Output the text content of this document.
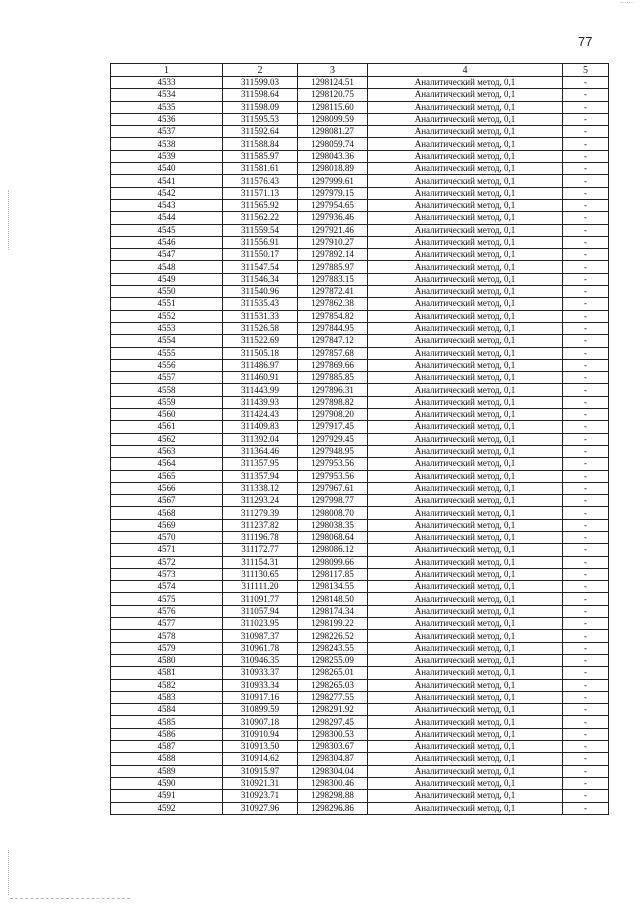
77
1	2	3	4	5
4533	311599.03	1298124.51	Аналитический метод, 0,1	-
4534	311598.64	1298120.75	Аналитический метод, 0,1	-
4535	311598.09	1298115.60	Аналитический метод, 0,1	-
4536	311595.53	1298099.59	Аналитический метод, 0,1	-
4537	311592.64	1298081.27	Аналитический метод, 0,1	-
4538	311588.84	1298059.74	Аналитический метод, 0,1	-
4539	311585.97	1298043.36	Аналитический метод, 0,1	-
4540	311581.61	1298018.89	Аналитический метод, 0,1	-
4541	311576.43	1297999.61	Аналитический метод, 0,1	-
4542	311571.13	1297979.15	Аналитический метод, 0,1	-
4543	311565.92	1297954.65	Аналитический метод, 0,1	-
4544	311562.22	1297936.46	Аналитический метод, 0,1	-
4545	311559.54	1297921.46	Аналитический метод, 0,1	-
4546	311556.91	1297910.27	Аналитический метод, 0,1	-
4547	311550.17	1297892.14	Аналитический метод, 0,1	-
4548	311547.54	1297885.97	Аналитический метод, 0,1	-
4549	311546.34	1297883.15	Аналитический метод, 0,1	-
4550	311540.96	1297872.41	Аналитический метод, 0,1	-
4551	311535.43	1297862.38	Аналитический метод, 0,1	-
4552	311531.33	1297854.82	Аналитический метод, 0,1	-
4553	311526.58	1297844.95	Аналитический метод, 0,1	-
4554	311522.69	1297847.12	Аналитический метод, 0,1	-
4555	311505.18	1297857.68	Аналитический метод, 0,1	-
4556	311486.97	1297869.66	Аналитический метод, 0,1	-
4557	311460.91	1297885.85	Аналитический метод, 0,1	-
4558	311443.99	1297896.31	Аналитический метод, 0,1	-
4559	311439.93	1297898.82	Аналитический метод, 0,1	-
4560	311424.43	1297908.20	Аналитический метод, 0,1	-
4561	311409.83	1297917.45	Аналитический метод, 0,1	-
4562	311392.04	1297929.45	Аналитический метод, 0,1	-
4563	311364.46	1297948.95	Аналитический метод, 0,1	-
4564	311357.95	1297953.56	Аналитический метод, 0,1	-
4565	311357.94	1297953.56	Аналитический метод, 0,1	-
4566	311338.12	1297967.61	Аналитический метод, 0,1	-
4567	311293.24	1297998.77	Аналитический метод, 0,1	-
4568	311279.39	1298008.70	Аналитический метод, 0,1	-
4569	311237.82	1298038.35	Аналитический метод, 0,1	-
4570	311196.78	1298068.64	Аналитический метод, 0,1	-
4571	311172.77	1298086.12	Аналитический метод, 0,1	-
4572	311154.31	1298099.66	Аналитический метод, 0,1	-
4573	311130.65	1298117.85	Аналитический метод, 0,1	-
4574	311111.20	1298134.55	Аналитический метод, 0,1	-
4575	311091.77	1298148.50	Аналитический метод, 0,1	-
4576	311057.94	1298174.34	Аналитический метод, 0,1	-
4577	311023.95	1298199.22	Аналитический метод, 0,1	-
4578	310987.37	1298226.52	Аналитический метод, 0,1	-
4579	310961.78	1298243.55	Аналитический метод, 0,1	-
4580	310946.35	1298255.09	Аналитический метод, 0,1	-
4581	310933.37	1298265.01	Аналитический метод, 0,1	-
4582	310933.34	1298265.03	Аналитический метод, 0,1	-
4583	310917.16	1298277.55	Аналитический метод, 0,1	-
4584	310899.59	1298291.92	Аналитический метод, 0,1	-
4585	310907.18	1298297.45	Аналитический метод, 0,1	-
4586	310910.94	1298300.53	Аналитический метод, 0,1	-
4587	310913.50	1298303.67	Аналитический метод, 0,1	-
4588	310914.62	1298304.87	Аналитический метод, 0,1	-
4589	310915.97	1298304.04	Аналитический метод, 0,1	-
4590	310921.31	1298300.46	Аналитический метод, 0,1	-
4591	310923.71	1298298.88	Аналитический метод, 0,1	-
4592	310927.96	1298296.86	Аналитический метод, 0,1	-
